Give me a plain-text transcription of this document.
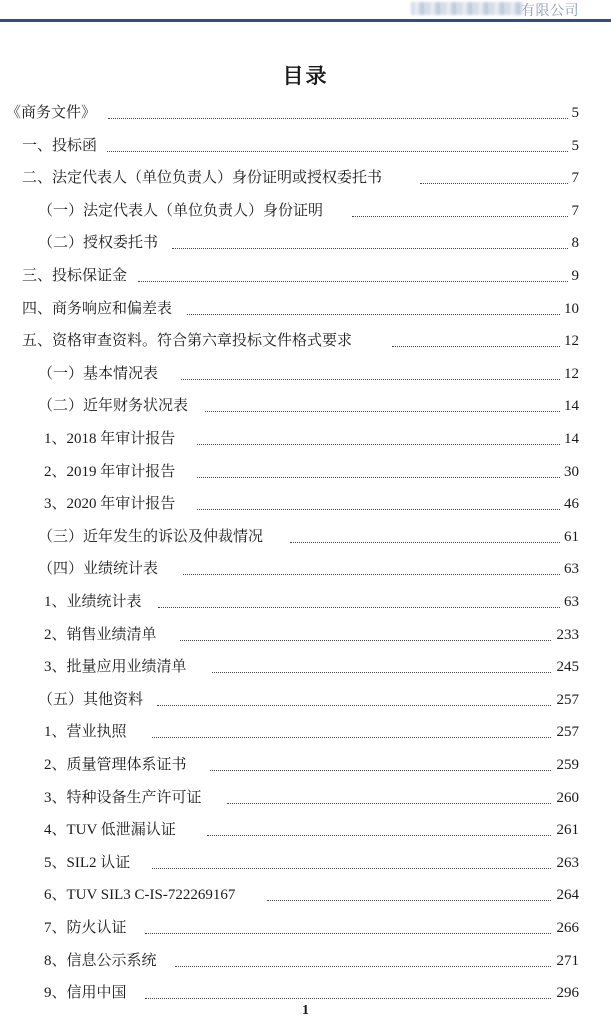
有限公司
目录
《商务文件》	5
一、投标函	5
二、法定代表人（单位负责人）身份证明或授权委托书	7
（一）法定代表人（单位负责人）身份证明	7
（二）授权委托书	8
三、投标保证金	9
四、商务响应和偏差表	10
五、资格审查资料。符合第六章投标文件格式要求	12
（一）基本情况表	12
（二）近年财务状况表	14
1、2018 年审计报告	14
2、2019 年审计报告	30
3、2020 年审计报告	46
（三）近年发生的诉讼及仲裁情况	61
（四）业绩统计表	63
1、业绩统计表	63
2、销售业绩清单	233
3、批量应用业绩清单	245
（五）其他资料	257
1、营业执照	257
2、质量管理体系证书	259
3、特种设备生产许可证	260
4、TUV 低泄漏认证	261
5、SIL2 认证	263
6、TUV SIL3 C-IS-722269167	264
7、防火认证	266
8、信息公示系统	271
9、信用中国	296
1
